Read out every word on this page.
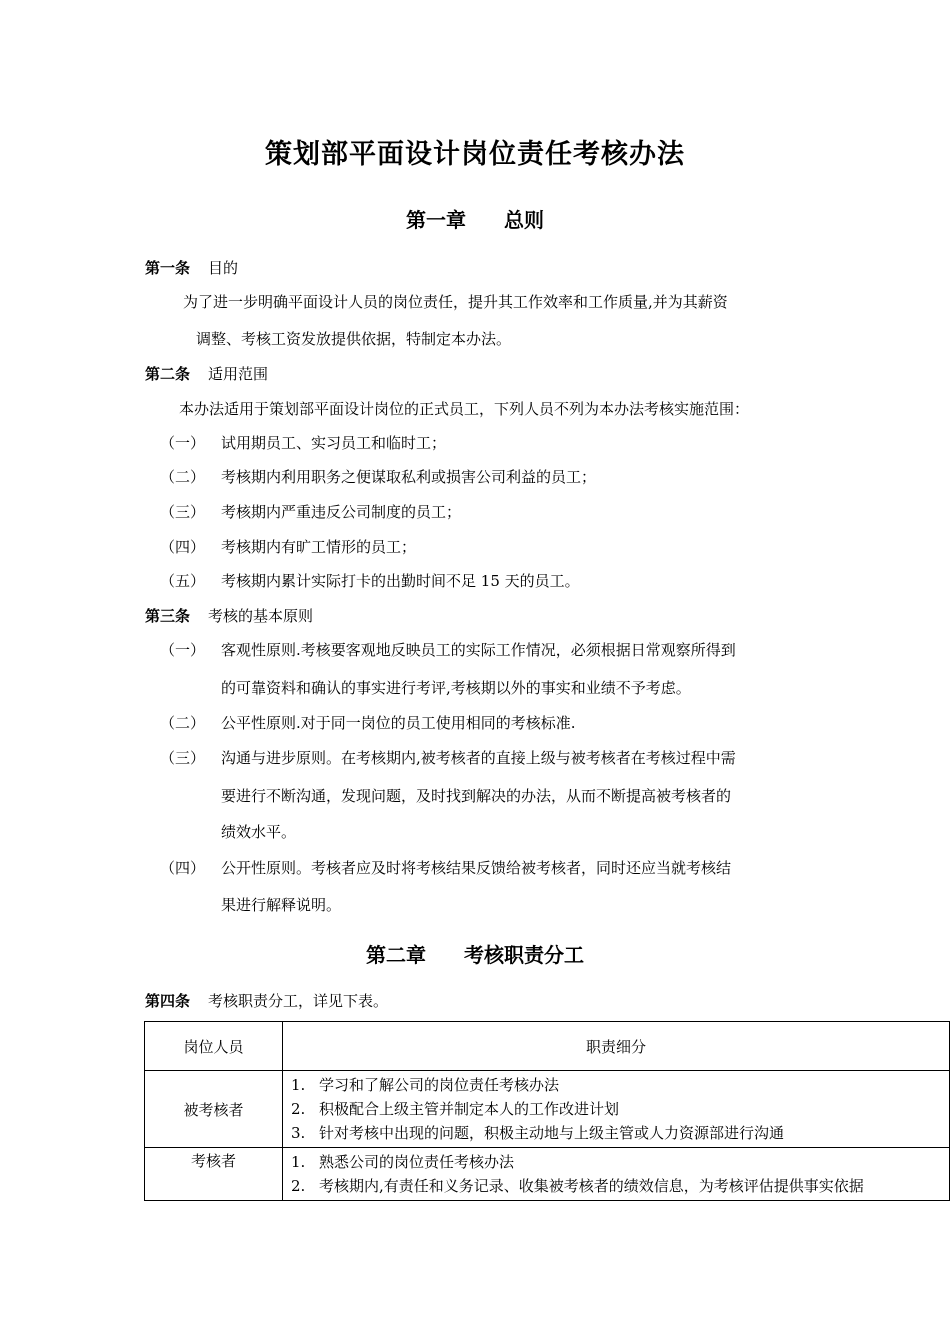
策划部平面设计岗位责任考核办法
第一章 总则
第一条 目的
为了进一步明确平面设计人员的岗位责任，提升其工作效率和工作质量,并为其薪资
调整、考核工资发放提供依据，特制定本办法。
第二条 适用范围
本办法适用于策划部平面设计岗位的正式员工，下列人员不列为本办法考核实施范围：
（一） 试用期员工、实习员工和临时工；
（二） 考核期内利用职务之便谋取私利或损害公司利益的员工；
（三） 考核期内严重违反公司制度的员工；
（四） 考核期内有旷工情形的员工；
（五） 考核期内累计实际打卡的出勤时间不足 15 天的员工。
第三条 考核的基本原则
（一） 客观性原则.考核要客观地反映员工的实际工作情况，必须根据日常观察所得到
的可靠资料和确认的事实进行考评,考核期以外的事实和业绩不予考虑。
（二） 公平性原则.对于同一岗位的员工使用相同的考核标准.
（三） 沟通与进步原则。在考核期内,被考核者的直接上级与被考核者在考核过程中需
要进行不断沟通，发现问题，及时找到解决的办法，从而不断提高被考核者的
绩效水平。
（四） 公开性原则。考核者应及时将考核结果反馈给被考核者，同时还应当就考核结
果进行解释说明。
第二章 考核职责分工
第四条 考核职责分工，详见下表。
岗位人员	职责细分
被考核者	1. 学习和了解公司的岗位责任考核办法
2. 积极配合上级主管并制定本人的工作改进计划
3. 针对考核中出现的问题，积极主动地与上级主管或人力资源部进行沟通

考核者	1. 熟悉公司的岗位责任考核办法
2. 考核期内,有责任和义务记录、收集被考核者的绩效信息，为考核评估提供事实依据
